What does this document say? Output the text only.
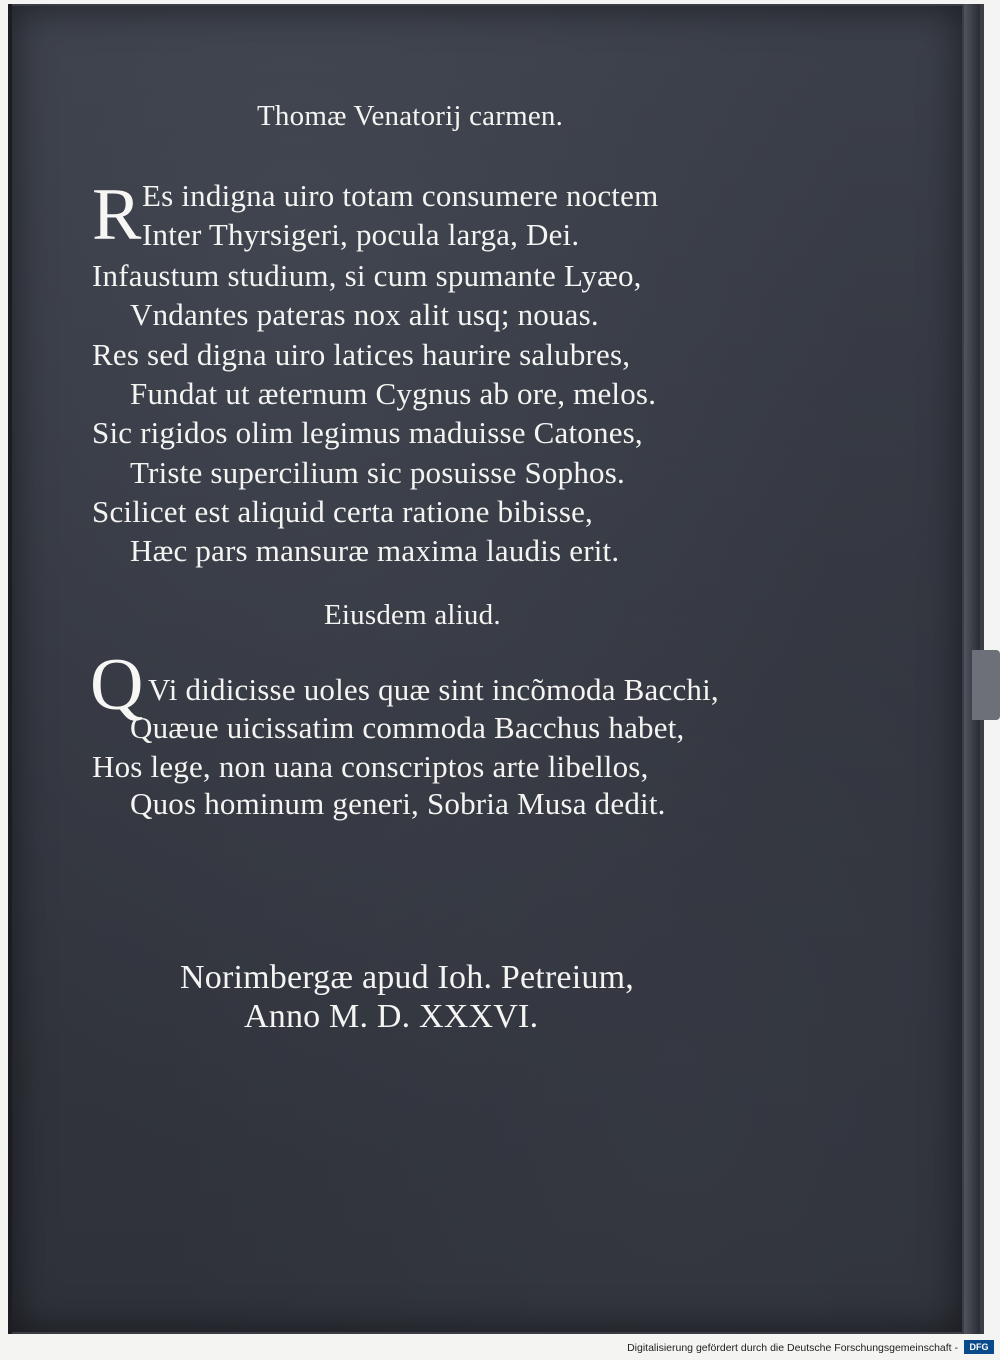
Thomæ Venatorij carmen.
R Es indigna uiro totam consumere noctem
Inter Thyrsigeri, pocula larga, Dei.
Infaustum studium, si cum spumante Lyæo,
Vndantes pateras nox alit usq; nouas.
Res sed digna uiro latices haurire salubres,
Fundat ut æternum Cygnus ab ore, melos.
Sic rigidos olim legimus maduisse Catones,
Triste supercilium sic posuisse Sophos.
Scilicet est aliquid certa ratione bibisse,
Hæc pars mansuræ maxima laudis erit.
Eiusdem aliud.
Q Vi didicisse uoles quæ sint incõmoda Bacchi,
Quæue uicissatim commoda Bacchus habet,
Hos lege, non uana conscriptos arte libellos,
Quos hominum generi, Sobria Musa dedit.
Norimbergæ apud Ioh. Petreium,
Anno M. D. XXXVI.
Digitalisierung gefördert durch die Deutsche Forschungsgemeinschaft -	DFG
